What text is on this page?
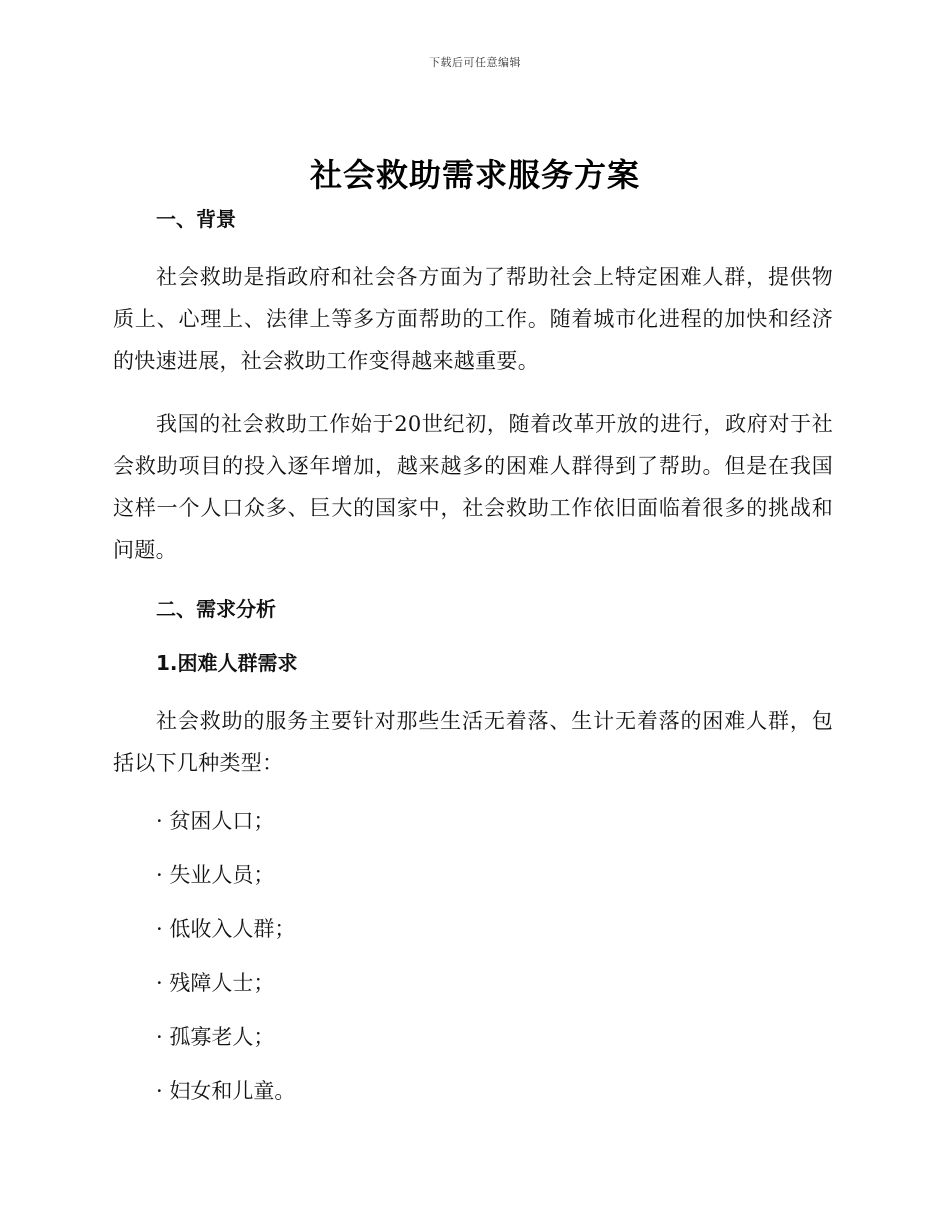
下载后可任意编辑
社会救助需求服务方案
一、背景

社会救助是指政府和社会各方面为了帮助社会上特定困难人群，提供物质上、心理上、法律上等多方面帮助的工作。随着城市化进程的加快和经济的快速进展，社会救助工作变得越来越重要。

我国的社会救助工作始于20世纪初，随着改革开放的进行，政府对于社会救助项目的投入逐年增加，越来越多的困难人群得到了帮助。但是在我国这样一个人口众多、巨大的国家中，社会救助工作依旧面临着很多的挑战和问题。

二、需求分析
1.困难人群需求

社会救助的服务主要针对那些生活无着落、生计无着落的困难人群，包括以下几种类型：

· 贫困人口；
· 失业人员；
· 低收入人群；
· 残障人士；
· 孤寡老人；
· 妇女和儿童。
